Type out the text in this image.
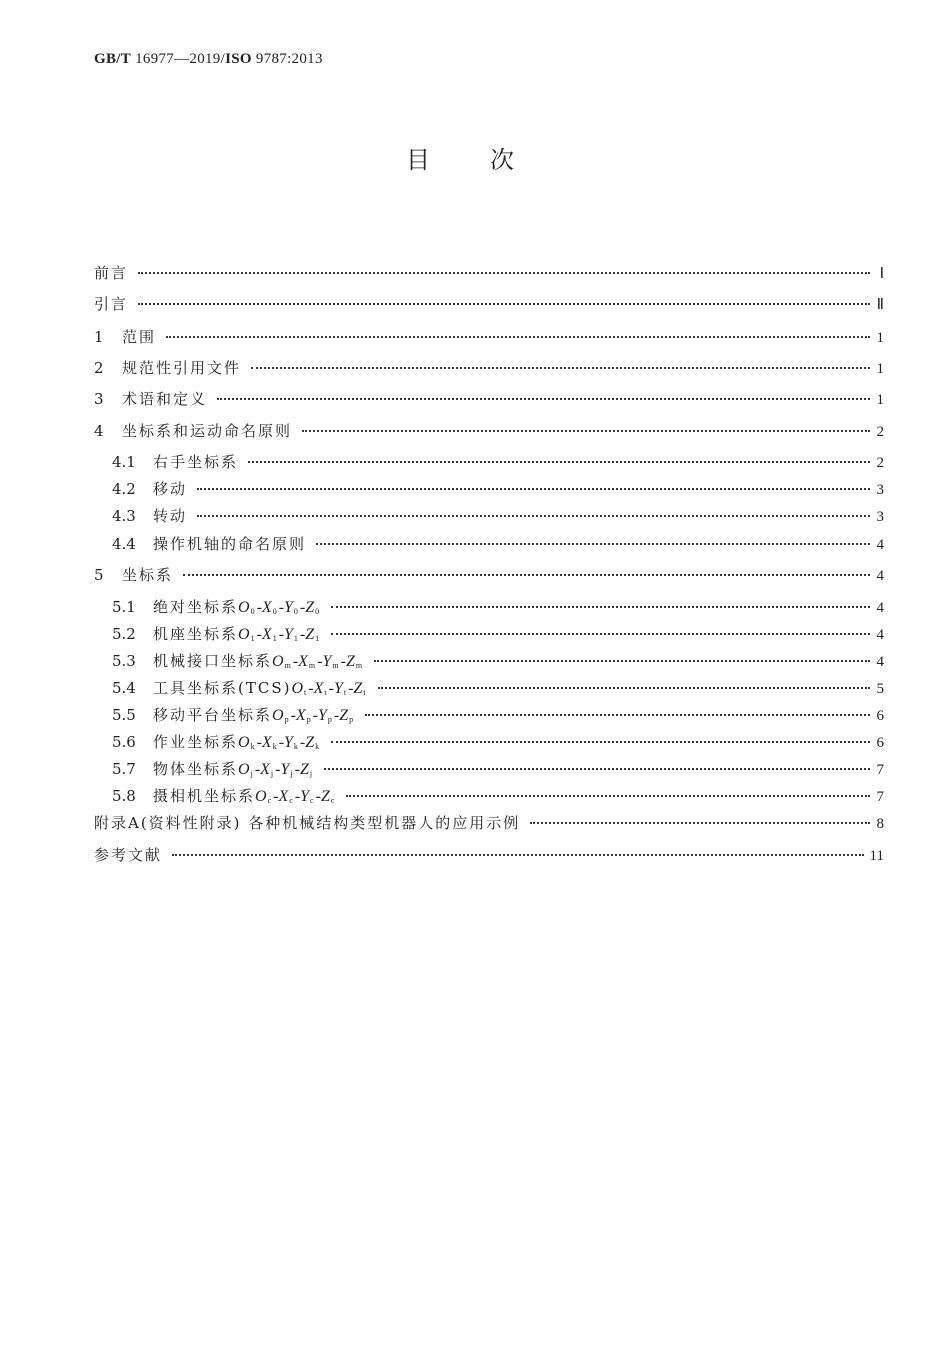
GB/T 16977—2019/ISO 9787:2013
目次
前言	Ⅰ
引言	Ⅱ
1	范围	1
2	规范性引用文件	1
3	术语和定义	1
4	坐标系和运动命名原则	2
4.1	右手坐标系	2
4.2	移动	3
4.3	转动	3
4.4	操作机轴的命名原则	4
5	坐标系	4
5.1	绝对坐标系 $O_0$ $-X_0$ $-Y_0$ $-Z_0$	4
5.2	机座坐标系 $O_1$ $-X_1$ $-Y_1$ $-Z_1$	4
5.3	机械接口坐标系 $O_m$ $-X_m$ $-Y_m$ $-Z_m$	4
5.4	工具坐标系(TCS) $O_t$ $-X_t$ $-Y_t$ $-Z_t$	5
5.5	移动平台坐标系 $O_p$ $-X_p$ $-Y_p$ $-Z_p$	6
5.6	作业坐标系 $O_k$ $-X_k$ $-Y_k$ $-Z_k$	6
5.7	物体坐标系 $O_j$ $-X_j$ $-Y_j$ $-Z_j$	7
5.8	摄相机坐标系 $O_c$ $-X_c$ $-Y_c$ $-Z_c$	7
附录A(资料性附录) 各种机械结构类型机器人的应用示例	8
参考文献	11
